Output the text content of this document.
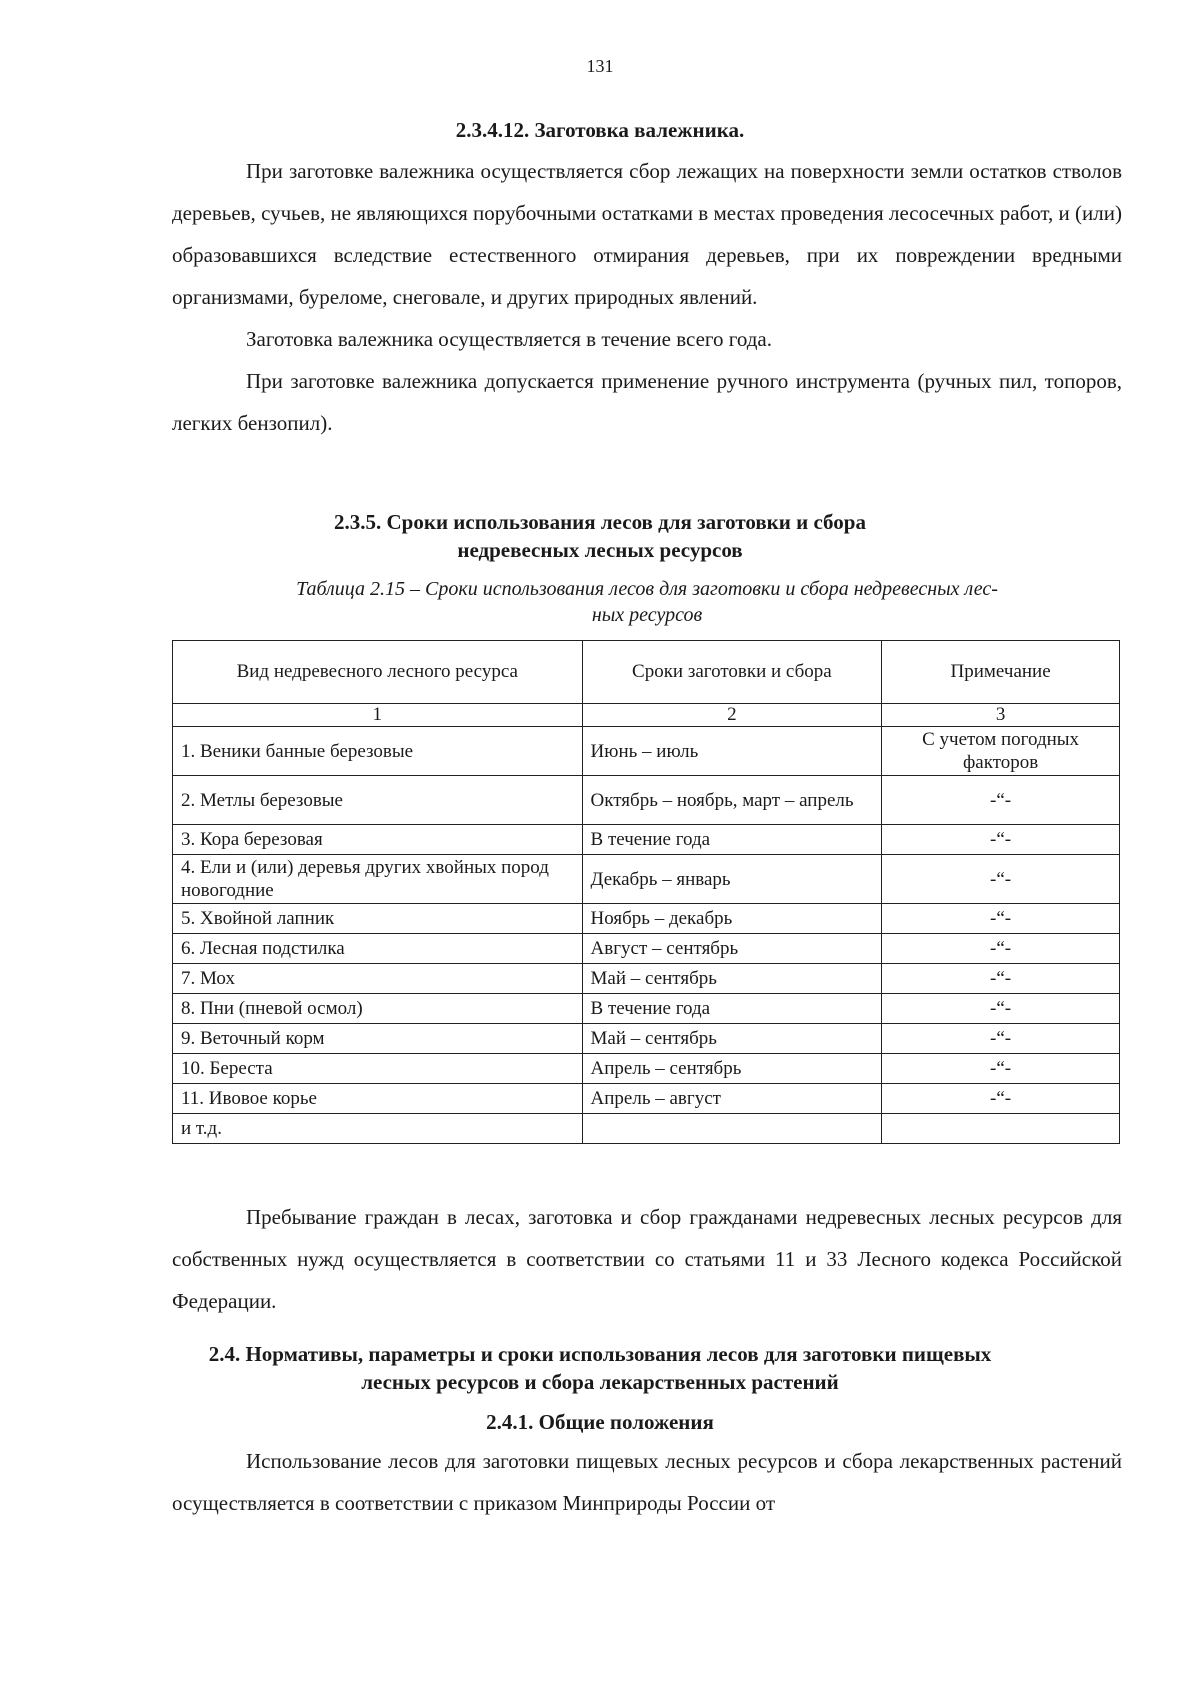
131
2.3.4.12. Заготовка валежника.

При заготовке валежника осуществляется сбор лежащих на поверхности земли остатков стволов деревьев, сучьев, не являющихся порубочными остатками в местах проведения лесосечных работ, и (или) образовавшихся вследствие естественного отмирания деревьев, при их повреждении вредными организмами, буреломе, снеговале, и других природных явлений.

Заготовка валежника осуществляется в течение всего года.

При заготовке валежника допускается применение ручного инструмента (ручных пил, топоров, легких бензопил).

2.3.5. Сроки использования лесов для заготовки и сбора
недревесных лесных ресурсов
Таблица 2.15 – Сроки использования лесов для заготовки и сбора недревесных лес-
ных ресурсов
Вид недревесного лесного ресурса	Сроки заготовки и сбора	Примечание
1	2	3
1. Веники банные березовые	Июнь – июль	С учетом погодных факторов
2. Метлы березовые	Октябрь – ноябрь, март – апрель	-“-
3. Кора березовая	В течение года	-“-
4. Ели и (или) деревья других хвойных пород новогодние	Декабрь – январь	-“-
5. Хвойной лапник	Ноябрь – декабрь	-“-
6. Лесная подстилка	Август – сентябрь	-“-
7. Мох	Май – сентябрь	-“-
8. Пни (пневой осмол)	В течение года	-“-
9. Веточный корм	Май – сентябрь	-“-
10. Береста	Апрель – сентябрь	-“-
11. Ивовое корье	Апрель – август	-“-
и т.д.		

Пребывание граждан в лесах, заготовка и сбор гражданами недревесных лесных ресурсов для собственных нужд осуществляется в соответствии со статьями 11 и 33 Лесного кодекса Российской Федерации.

2.4. Нормативы, параметры и сроки использования лесов для заготовки пищевых
лесных ресурсов и сбора лекарственных растений
2.4.1. Общие положения

Использование лесов для заготовки пищевых лесных ресурсов и сбора лекарственных растений осуществляется в соответствии с приказом Минприроды России от
